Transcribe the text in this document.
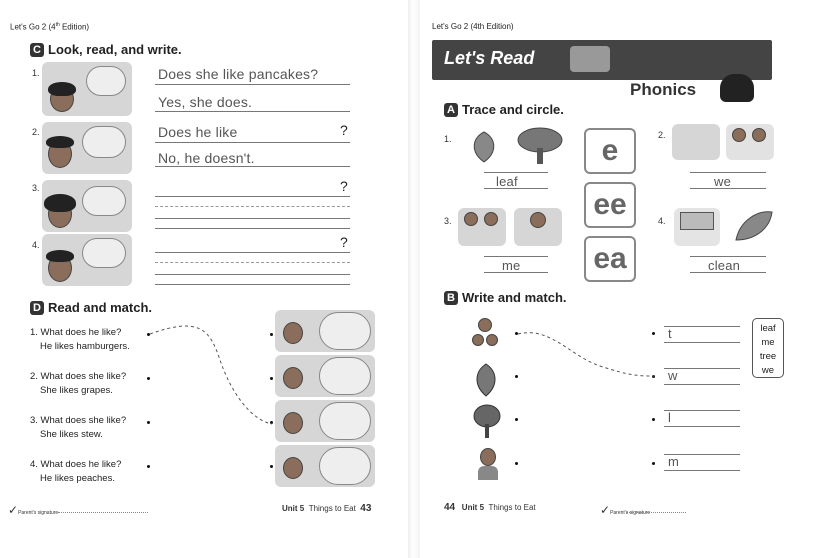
Let's Go 2 (4th Edition)
C Look, read, and write.
1.	Does she like pancakes?
Yes, she does.
2.	Does he like	?
No, he doesn't.
3.	?
4.	?
D Read and match.
1. What does he like?
He likes hamburgers.
2. What does she like?
She likes grapes.
3. What does she like?
She likes stew.
4. What does he like?
He likes peaches.
✓Parent's signature	Unit 5 Things to Eat 43
Let's Go 2 (4th Edition)
Let's Read
Phonics
A Trace and circle.
1.
leaf
2.
we
e
ee
ea
3.
me
4.
clean
B Write and match.
t
w
l
m
leaf
me
tree
we
44 Unit 5 Things to Eat	✓Parent's signature
